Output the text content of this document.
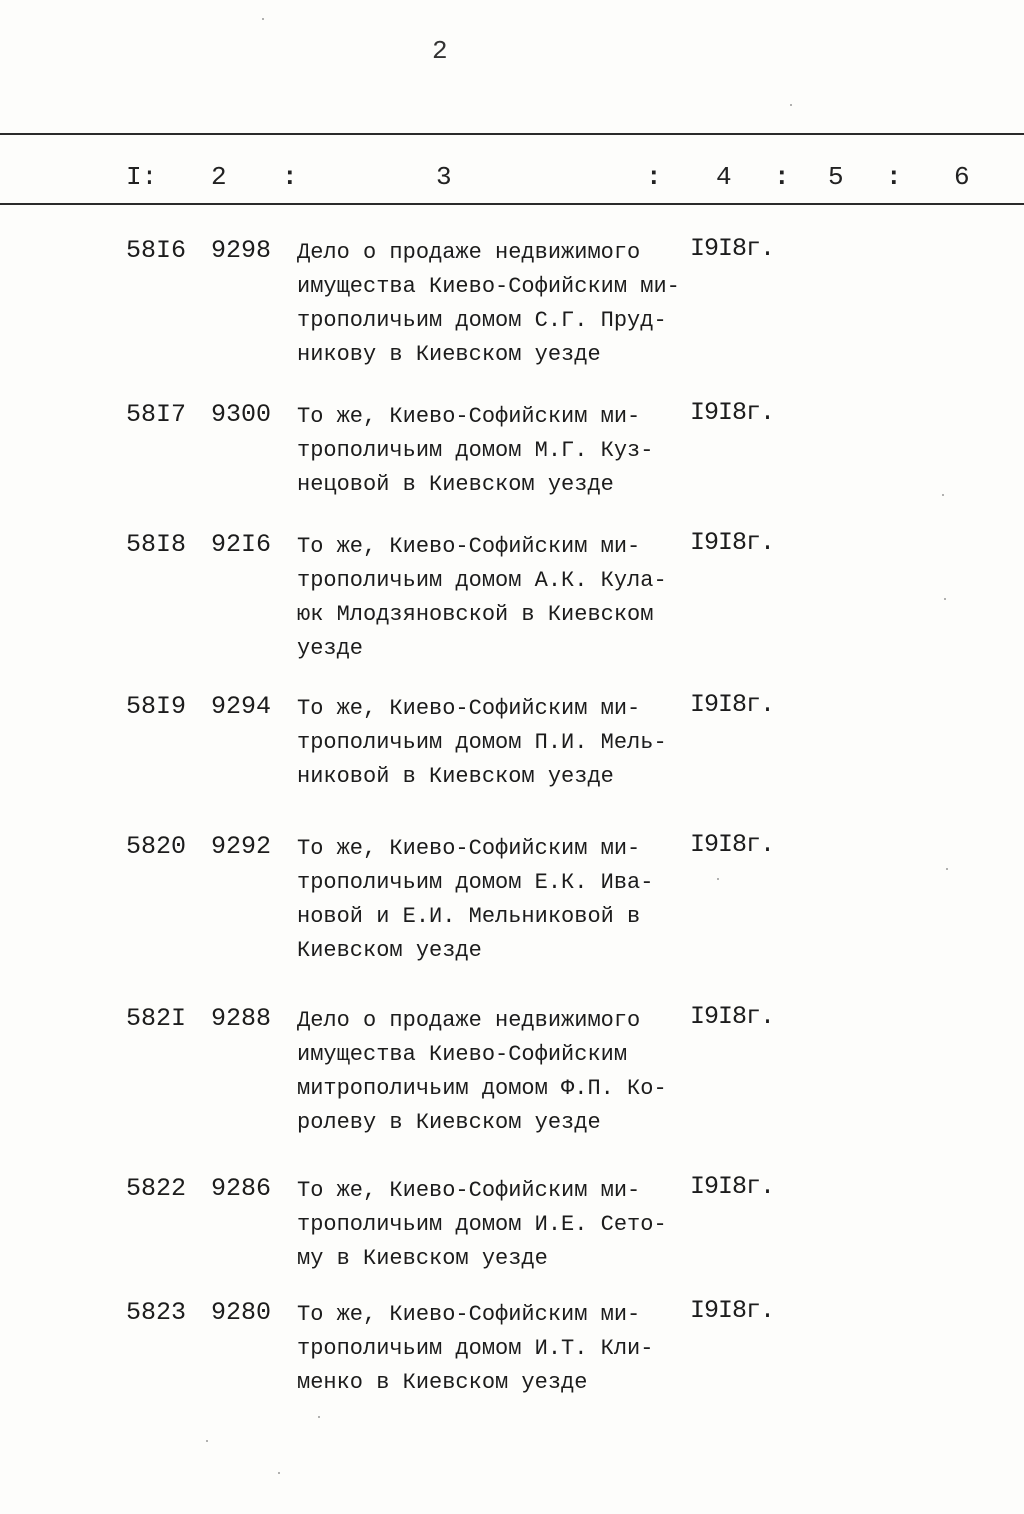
2
I: 2 :	3	: 4 : 5 : 6
58I6 9298 Дело о продаже недвижимого
имущества Киево-Софийским ми-
трополичьим домом С.Г. Пруд-
никову в Киевском уезде
I9I8г.
58I7 9300 То же, Киево-Софийским ми-
трополичьим домом М.Г. Куз-
нецовой в Киевском уезде
I9I8г.
58I8 92I6 То же, Киево-Софийским ми-
трополичьим домом А.К. Кула-
юк Млодзяновской в Киевском
уезде
I9I8г.
58I9 9294 То же, Киево-Софийским ми-
трополичьим домом П.И. Мель-
никовой в Киевском уезде
I9I8г.
5820 9292 То же, Киево-Софийским ми-
трополичьим домом Е.К. Ива-
новой и Е.И. Мельниковой в
Киевском уезде
I9I8г.
582I 9288 Дело о продаже недвижимого
имущества Киево-Софийским
митрополичьим домом Ф.П. Ко-
ролеву в Киевском уезде
I9I8г.
5822 9286 То же, Киево-Софийским ми-
трополичьим домом И.Е. Сето-
му в Киевском уезде
I9I8г.
5823 9280 То же, Киево-Софийским ми-
трополичьим домом И.Т. Кли-
менко в Киевском уезде
I9I8г.
